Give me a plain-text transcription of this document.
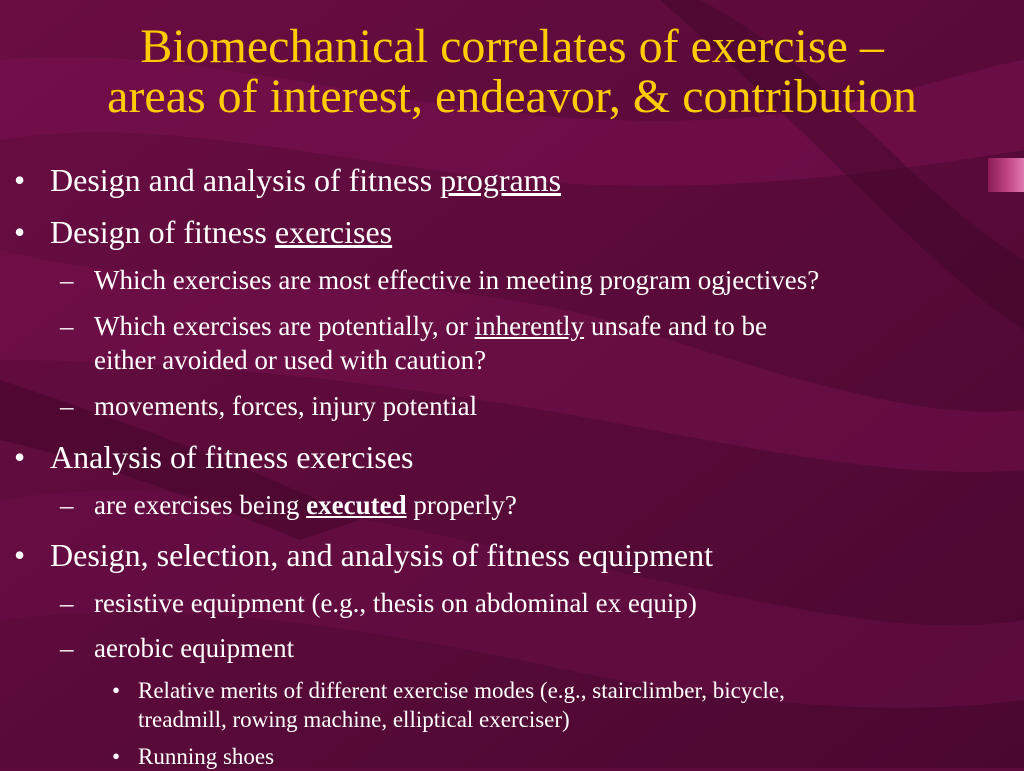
Biomechanical correlates of exercise –
areas of interest, endeavor, & contribution
• Design and analysis of fitness programs
• Design of fitness exercises
– Which exercises are most effective in meeting program ogjectives?
– Which exercises are potentially, or inherently unsafe and to be
either avoided or used with caution?
– movements, forces, injury potential
• Analysis of fitness exercises
– are exercises being executed properly?
• Design, selection, and analysis of fitness equipment
– resistive equipment (e.g., thesis on abdominal ex equip)
– aerobic equipment
• Relative merits of different exercise modes (e.g., stairclimber, bicycle,
treadmill, rowing machine, elliptical exerciser)
• Running shoes
